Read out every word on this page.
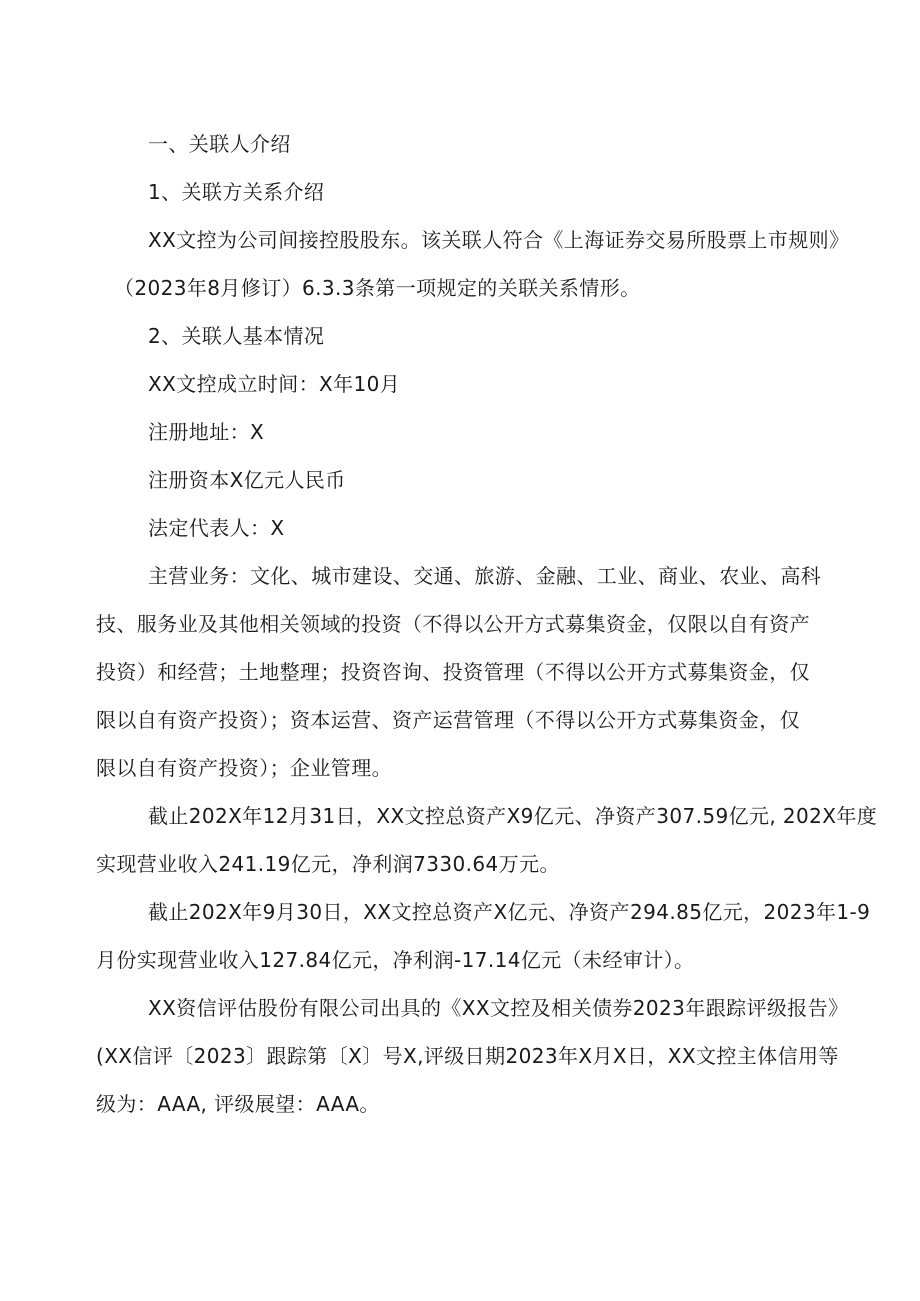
一、关联人介绍

1、关联方关系介绍

XX文控为公司间接控股股东。该关联人符合《上海证券交易所股票上市规则》

（2023年8月修订）6.3.3条第一项规定的关联关系情形。

2、关联人基本情况

XX文控成立时间：X年10月

注册地址：X

注册资本X亿元人民币

法定代表人：X

主营业务：文化、城市建设、交通、旅游、金融、工业、商业、农业、高科

技、服务业及其他相关领域的投资（不得以公开方式募集资金，仅限以自有资产

投资）和经营；土地整理；投资咨询、投资管理（不得以公开方式募集资金，仅

限以自有资产投资）；资本运营、资产运营管理（不得以公开方式募集资金，仅

限以自有资产投资）；企业管理。

截止202X年12月31日，XX文控总资产X9亿元、净资产307.59亿元, 202X年度

实现营业收入241.19亿元，净利润7330.64万元。

截止202X年9月30日，XX文控总资产X亿元、净资产294.85亿元，2023年1-9

月份实现营业收入127.84亿元，净利润-17.14亿元（未经审计）。

XX资信评估股份有限公司出具的《XX文控及相关债券2023年跟踪评级报告》

(XX信评〔2023〕跟踪第〔X〕号X,评级日期2023年X月X日，XX文控主体信用等

级为：AAA, 评级展望：AAA。
